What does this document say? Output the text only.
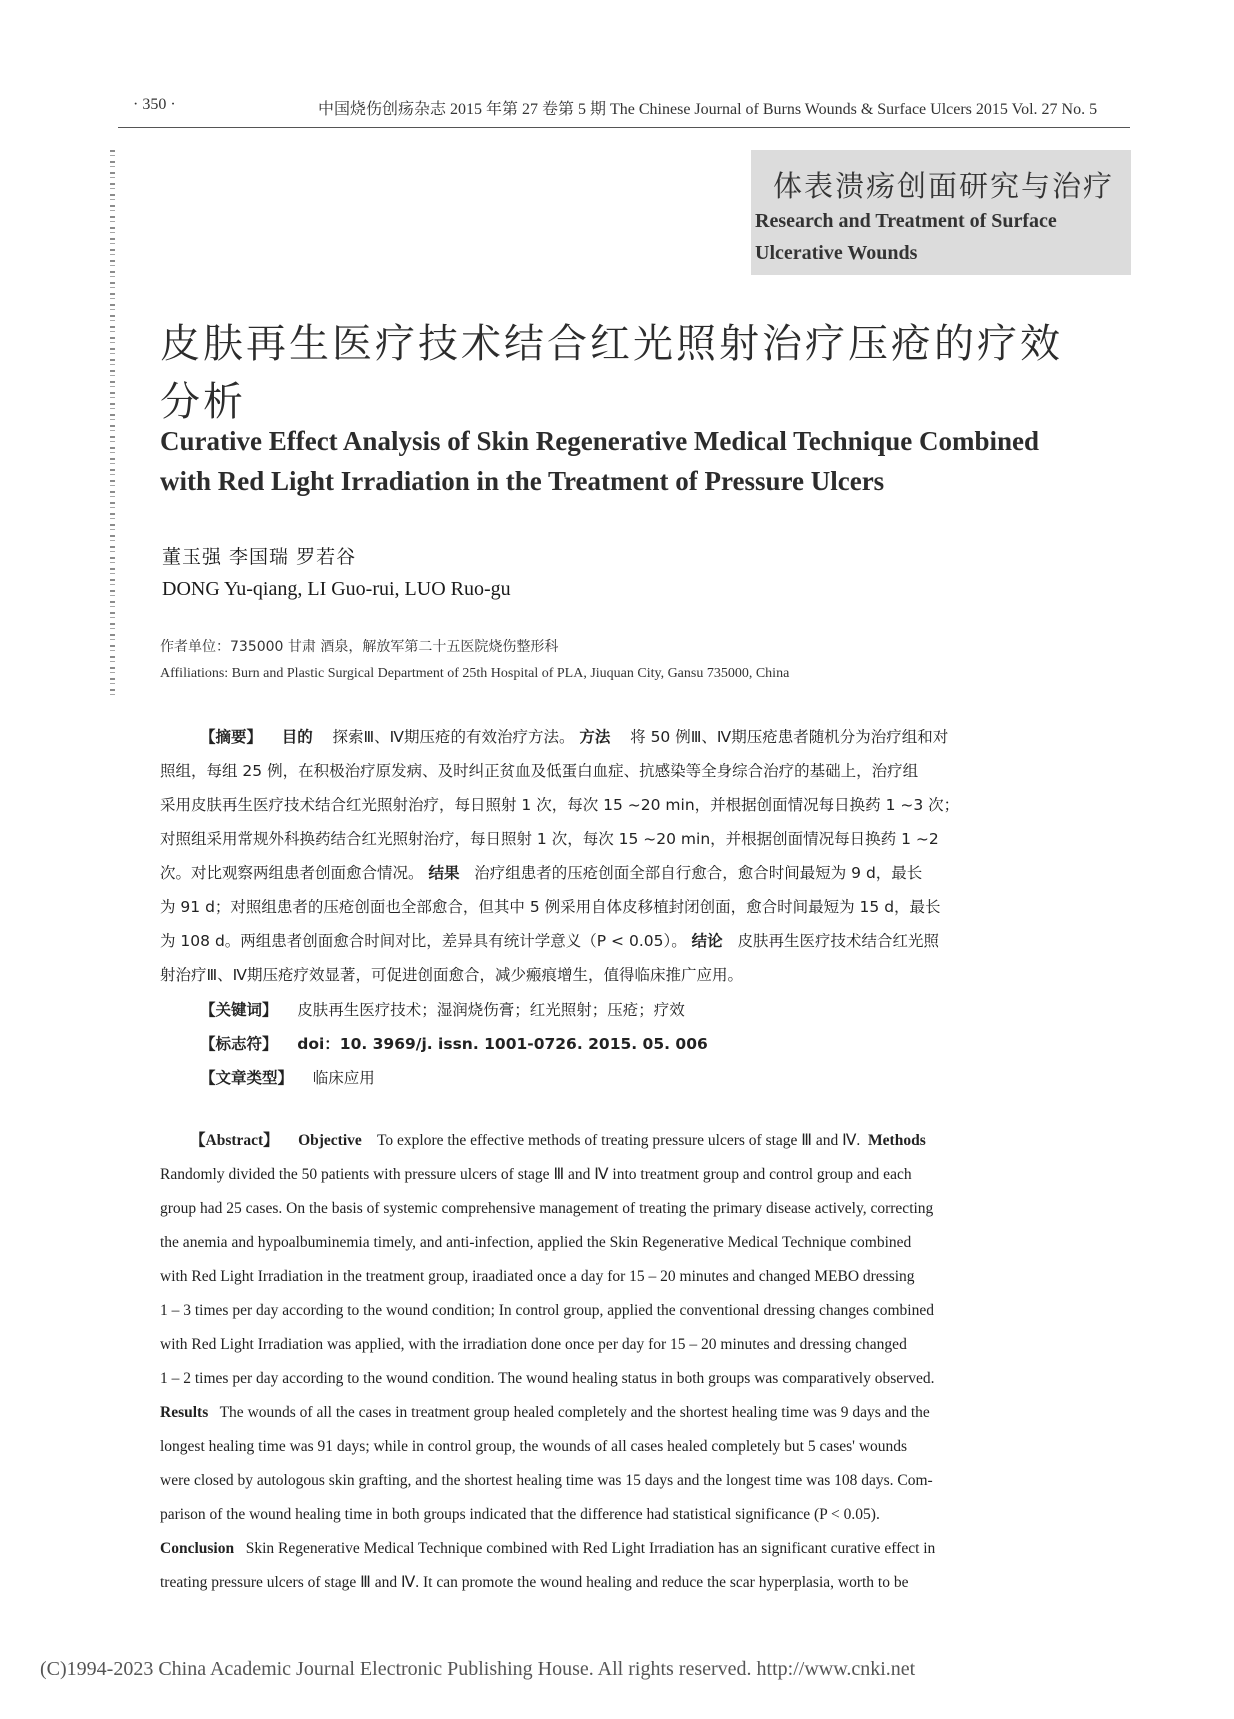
· 350 ·	中国烧伤创疡杂志 2015 年第 27 卷第 5 期 The Chinese Journal of Burns Wounds & Surface Ulcers 2015 Vol. 27 No. 5
体表溃疡创面研究与治疗
Research and Treatment of Surface
Ulcerative Wounds
皮肤再生医疗技术结合红光照射治疗压疮的疗效
分析
Curative Effect Analysis of Skin Regenerative Medical Technique Combined
with Red Light Irradiation in the Treatment of Pressure Ulcers
董玉强 李国瑞 罗若谷
DONG Yu-qiang, LI Guo-rui, LUO Ruo-gu
作者单位：735000 甘肃 酒泉，解放军第二十五医院烧伤整形科
Affiliations: Burn and Plastic Surgical Department of 25th Hospital of PLA, Jiuquan City, Gansu 735000, China
【摘要】 目的 探索Ⅲ、Ⅳ期压疮的有效治疗方法。 方法 将 50 例Ⅲ、Ⅳ期压疮患者随机分为治疗组和对
照组，每组 25 例，在积极治疗原发病、及时纠正贫血及低蛋白血症、抗感染等全身综合治疗的基础上，治疗组
采用皮肤再生医疗技术结合红光照射治疗，每日照射 1 次，每次 15 ~20 min，并根据创面情况每日换药 1 ~3 次；
对照组采用常规外科换药结合红光照射治疗，每日照射 1 次，每次 15 ~20 min，并根据创面情况每日换药 1 ~2
次。对比观察两组患者创面愈合情况。 结果 治疗组患者的压疮创面全部自行愈合，愈合时间最短为 9 d，最长
为 91 d；对照组患者的压疮创面也全部愈合，但其中 5 例采用自体皮移植封闭创面，愈合时间最短为 15 d，最长
为 108 d。两组患者创面愈合时间对比，差异具有统计学意义（P < 0.05）。 结论 皮肤再生医疗技术结合红光照
射治疗Ⅲ、Ⅳ期压疮疗效显著，可促进创面愈合，减少瘢痕增生，值得临床推广应用。
【关键词】 皮肤再生医疗技术；湿润烧伤膏；红光照射；压疮；疗效
【标志符】 doi：10. 3969/j. issn. 1001-0726. 2015. 05. 006
【文章类型】 临床应用
【Abstract】 Objective To explore the effective methods of treating pressure ulcers of stage Ⅲ and Ⅳ. Methods
Randomly divided the 50 patients with pressure ulcers of stage Ⅲ and Ⅳ into treatment group and control group and each
group had 25 cases. On the basis of systemic comprehensive management of treating the primary disease actively, correcting
the anemia and hypoalbuminemia timely, and anti-infection, applied the Skin Regenerative Medical Technique combined
with Red Light Irradiation in the treatment group, iraadiated once a day for 15 – 20 minutes and changed MEBO dressing
1 – 3 times per day according to the wound condition; In control group, applied the conventional dressing changes combined
with Red Light Irradiation was applied, with the irradiation done once per day for 15 – 20 minutes and dressing changed
1 – 2 times per day according to the wound condition. The wound healing status in both groups was comparatively observed.
Results The wounds of all the cases in treatment group healed completely and the shortest healing time was 9 days and the
longest healing time was 91 days; while in control group, the wounds of all cases healed completely but 5 cases' wounds
were closed by autologous skin grafting, and the shortest healing time was 15 days and the longest time was 108 days. Com-
parison of the wound healing time in both groups indicated that the difference had statistical significance (P < 0.05).
Conclusion Skin Regenerative Medical Technique combined with Red Light Irradiation has an significant curative effect in
treating pressure ulcers of stage Ⅲ and Ⅳ. It can promote the wound healing and reduce the scar hyperplasia, worth to be
(C)1994-2023 China Academic Journal Electronic Publishing House. All rights reserved. http://www.cnki.net
